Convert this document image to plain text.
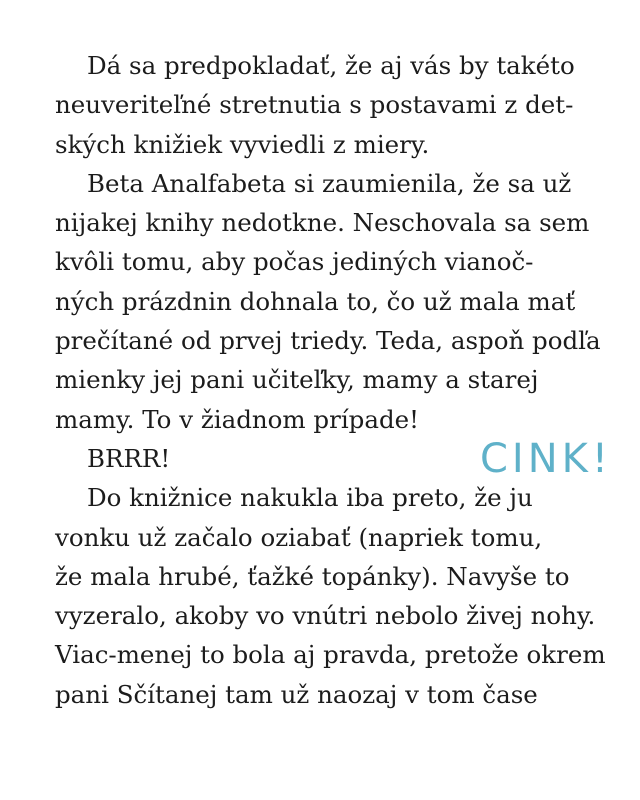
Dá sa predpokladať, že aj vás by takéto
neuveriteľné stretnutia s postavami z det-
ských knižiek vyviedli z miery.
Beta Analfabeta si zaumienila, že sa už
nijakej knihy nedotkne. Neschovala sa sem
kvôli tomu, aby počas jediných vianoč-
ných prázdnin dohnala to, čo už mala mať
prečítané od prvej triedy. Teda, aspoň podľa
mienky jej pani učiteľky, mamy a starej
mamy. To v žiadnom prípade!
BRRR!
Do knižnice nakukla iba preto, že ju
vonku už začalo oziabať (napriek tomu,
že mala hrubé, ťažké topánky). Navyše to
vyzeralo, akoby vo vnútri nebolo živej nohy.
Viac-menej to bola aj pravda, pretože okrem
pani Sčítanej tam už naozaj v tom čase
CINK!
